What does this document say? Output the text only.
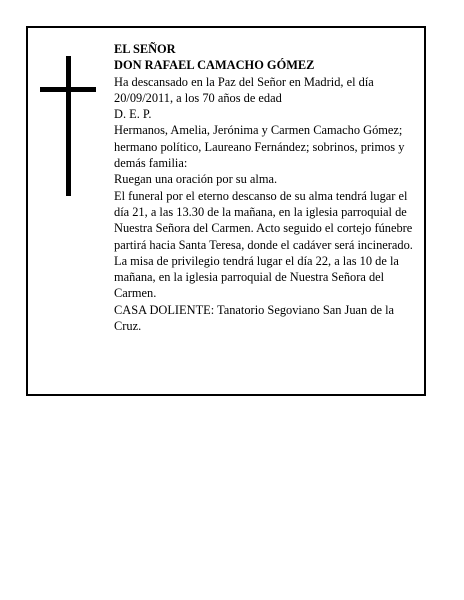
EL SEÑOR

DON RAFAEL CAMACHO GÓMEZ

Ha descansado en la Paz del Señor en Madrid, el día 20/09/2011, a los 70 años de edad

D. E. P.

Hermanos, Amelia, Jerónima y Carmen Camacho Gómez; hermano político, Laureano Fernández; sobrinos, primos y demás familia:

Ruegan una oración por su alma.

El funeral por el eterno descanso de su alma tendrá lugar el día 21, a las 13.30 de la mañana, en la iglesia parroquial de Nuestra Señora del Carmen. Acto seguido el cortejo fúnebre partirá hacia Santa Teresa, donde el cadáver será incinerado. La misa de privilegio tendrá lugar el día 22, a las 10 de la mañana, en la iglesia parroquial de Nuestra Señora del Carmen.

CASA DOLIENTE: Tanatorio Segoviano San Juan de la Cruz.
